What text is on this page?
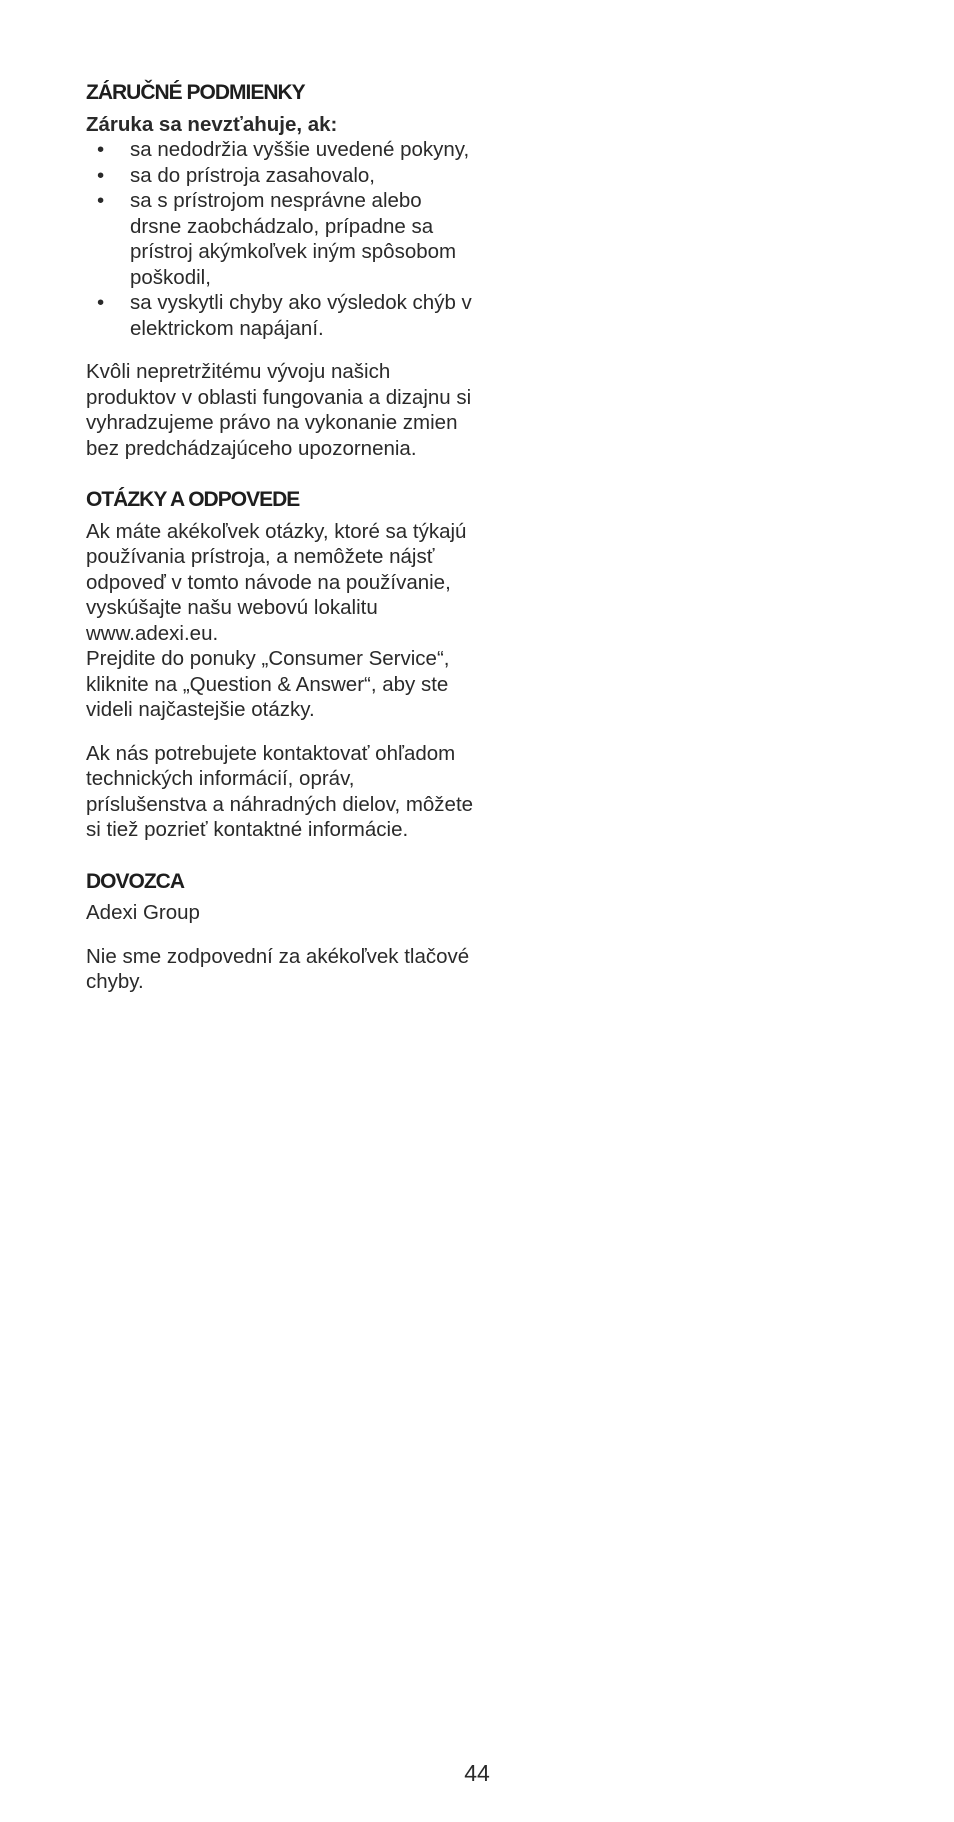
ZÁRUČNÉ PODMIENKY

Záruka sa nevzťahuje, ak:

• sa nedodržia vyššie uvedené pokyny,
• sa do prístroja zasahovalo,
• sa s prístrojom nesprávne alebo drsne zaobchádzalo, prípadne sa prístroj akýmkoľvek iným spôsobom poškodil,
• sa vyskytli chyby ako výsledok chýb v elektrickom napájaní.

Kvôli nepretržitému vývoju našich produktov v oblasti fungovania a dizajnu si vyhradzujeme právo na vykonanie zmien bez predchádzajúceho upozornenia.

OTÁZKY A ODPOVEDE

Ak máte akékoľvek otázky, ktoré sa týkajú používania prístroja, a nemôžete nájsť odpoveď v tomto návode na používanie, vyskúšajte našu webovú lokalitu www.adexi.eu.

Prejdite do ponuky „Consumer Service“, kliknite na „Question & Answer“, aby ste videli najčastejšie otázky.

Ak nás potrebujete kontaktovať ohľadom technických informácií, opráv, príslušenstva a náhradných dielov, môžete si tiež pozrieť kontaktné informácie.

DOVOZCA

Adexi Group

Nie sme zodpovední za akékoľvek tlačové chyby.

44
